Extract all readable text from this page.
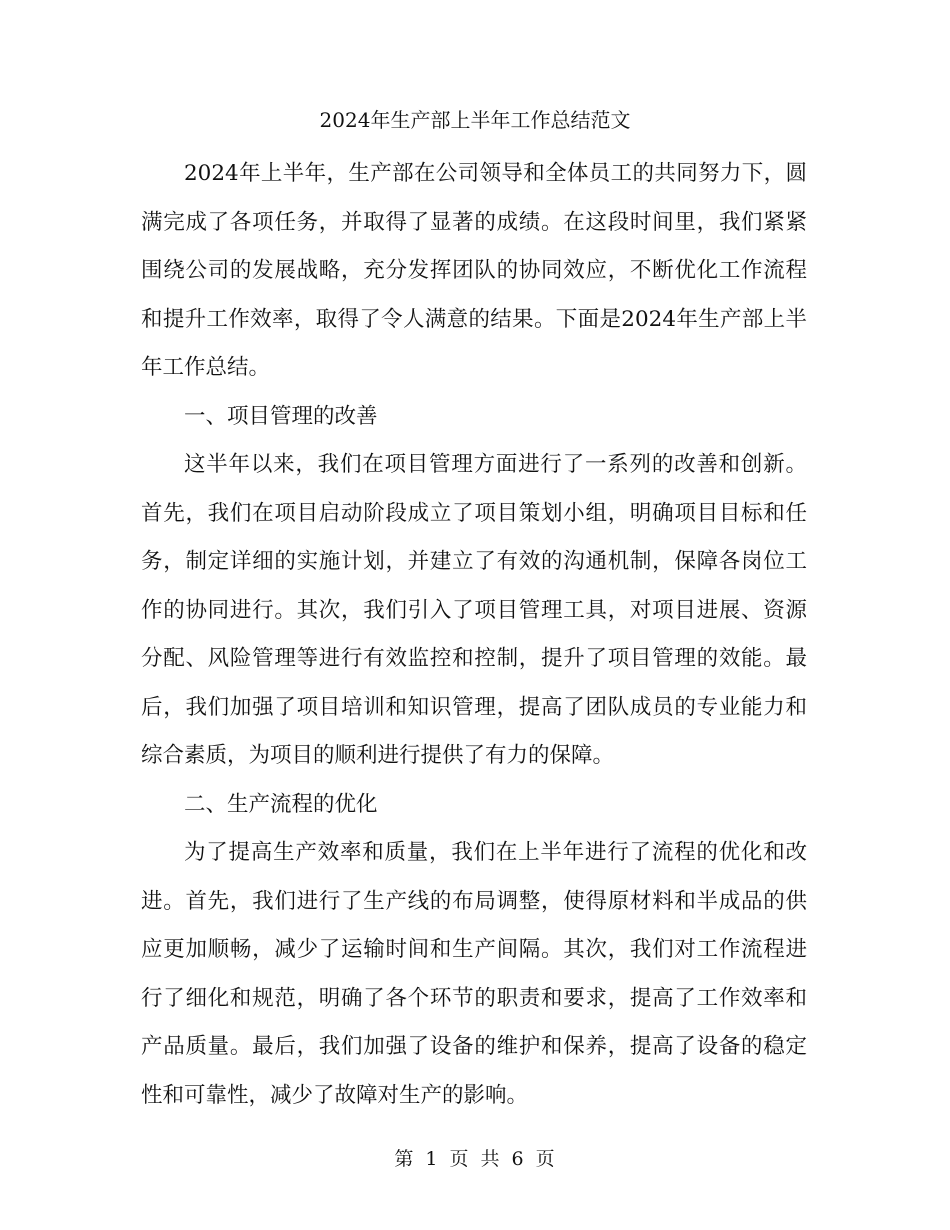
2024年生产部上半年工作总结范文

2024年上半年，生产部在公司领导和全体员工的共同努力下，圆满完成了各项任务，并取得了显著的成绩。在这段时间里，我们紧紧围绕公司的发展战略，充分发挥团队的协同效应，不断优化工作流程和提升工作效率，取得了令人满意的结果。下面是2024年生产部上半年工作总结。

一、项目管理的改善

这半年以来，我们在项目管理方面进行了一系列的改善和创新。首先，我们在项目启动阶段成立了项目策划小组，明确项目目标和任务，制定详细的实施计划，并建立了有效的沟通机制，保障各岗位工作的协同进行。其次，我们引入了项目管理工具，对项目进展、资源分配、风险管理等进行有效监控和控制，提升了项目管理的效能。最后，我们加强了项目培训和知识管理，提高了团队成员的专业能力和综合素质，为项目的顺利进行提供了有力的保障。

二、生产流程的优化

为了提高生产效率和质量，我们在上半年进行了流程的优化和改进。首先，我们进行了生产线的布局调整，使得原材料和半成品的供应更加顺畅，减少了运输时间和生产间隔。其次，我们对工作流程进行了细化和规范，明确了各个环节的职责和要求，提高了工作效率和产品质量。最后，我们加强了设备的维护和保养，提高了设备的稳定性和可靠性，减少了故障对生产的影响。

第 1 页 共 6 页
